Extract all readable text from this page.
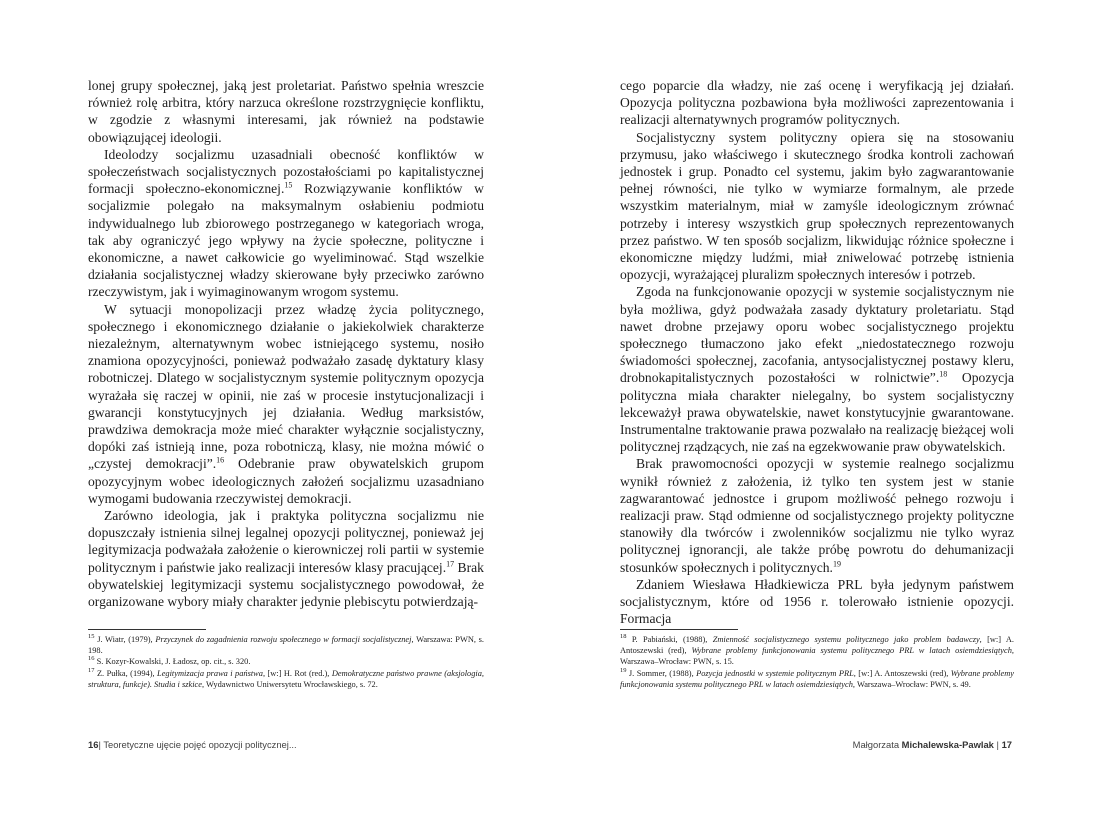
lonej grupy społecznej, jaką jest proletariat. Państwo spełnia wreszcie również rolę arbitra, który narzuca określone rozstrzygnięcie konfliktu, w zgodzie z własnymi interesami, jak również na podstawie obowiązującej ideologii.

Ideolodzy socjalizmu uzasadniali obecność konfliktów w społeczeństwach socjalistycznych pozostałościami po kapitalistycznej formacji społeczno-ekonomicznej.$^{15}$ Rozwiązywanie konfliktów w socjalizmie polegało na maksymalnym osłabieniu podmiotu indywidualnego lub zbiorowego postrzeganego w kategoriach wroga, tak aby ograniczyć jego wpływy na życie społeczne, polityczne i ekonomiczne, a nawet całkowicie go wyeliminować. Stąd wszelkie działania socjalistycznej władzy skierowane były przeciwko zarówno rzeczywistym, jak i wyimaginowanym wrogom systemu.

W sytuacji monopolizacji przez władzę życia politycznego, społecznego i ekonomicznego działanie o jakiekolwiek charakterze niezależnym, alternatywnym wobec istniejącego systemu, nosiło znamiona opozycyjności, ponieważ podważało zasadę dyktatury klasy robotniczej. Dlatego w socjalistycznym systemie politycznym opozycja wyrażała się raczej w opinii, nie zaś w procesie instytucjonalizacji i gwarancji konstytucyjnych jej działania. Według marksistów, prawdziwa demokracja może mieć charakter wyłącznie socjalistyczny, dopóki zaś istnieją inne, poza robotniczą, klasy, nie można mówić o „czystej demokracji”.$^{16}$ Odebranie praw obywatelskich grupom opozycyjnym wobec ideologicznych założeń socjalizmu uzasadniano wymogami budowania rzeczywistej demokracji.

Zarówno ideologia, jak i praktyka polityczna socjalizmu nie dopuszczały istnienia silnej legalnej opozycji politycznej, ponieważ jej legitymizacja podważała założenie o kierowniczej roli partii w systemie politycznym i państwie jako realizacji interesów klasy pracującej.$^{17}$ Brak obywatelskiej legitymizacji systemu socjalistycznego powodował, że organizowane wybory miały charakter jedynie plebiscytu potwierdzają-

$^{15}$ J. Wiatr, (1979), Przyczynek do zagadnienia rozwoju społecznego w formacji socjalistycznej, Warszawa: PWN, s. 198.

$^{16}$ S. Kozyr-Kowalski, J. Ładosz, op. cit., s. 320.

$^{17}$ Z. Pułka, (1994), Legitymizacja prawa i państwa, [w:] H. Rot (red.), Demokratyczne państwo prawne (aksjologia, struktura, funkcje). Studia i szkice, Wydawnictwo Uniwersytetu Wrocławskiego, s. 72.

16| Teoretyczne ujęcie pojęć opozycji politycznej...

cego poparcie dla władzy, nie zaś ocenę i weryfikacją jej działań. Opozycja polityczna pozbawiona była możliwości zaprezentowania i realizacji alternatywnych programów politycznych.

Socjalistyczny system polityczny opiera się na stosowaniu przymusu, jako właściwego i skutecznego środka kontroli zachowań jednostek i grup. Ponadto cel systemu, jakim było zagwarantowanie pełnej równości, nie tylko w wymiarze formalnym, ale przede wszystkim materialnym, miał w zamyśle ideologicznym zrównać potrzeby i interesy wszystkich grup społecznych reprezentowanych przez państwo. W ten sposób socjalizm, likwidując różnice społeczne i ekonomiczne między ludźmi, miał zniwelować potrzebę istnienia opozycji, wyrażającej pluralizm społecznych interesów i potrzeb.

Zgoda na funkcjonowanie opozycji w systemie socjalistycznym nie była możliwa, gdyż podważała zasady dyktatury proletariatu. Stąd nawet drobne przejawy oporu wobec socjalistycznego projektu społecznego tłumaczono jako efekt „niedostatecznego rozwoju świadomości społecznej, zacofania, antysocjalistycznej postawy kleru, drobnokapitalistycznych pozostałości w rolnictwie”.$^{18}$ Opozycja polityczna miała charakter nielegalny, bo system socjalistyczny lekceważył prawa obywatelskie, nawet konstytucyjnie gwarantowane. Instrumentalne traktowanie prawa pozwalało na realizację bieżącej woli politycznej rządzących, nie zaś na egzekwowanie praw obywatelskich.

Brak prawomocności opozycji w systemie realnego socjalizmu wynikł również z założenia, iż tylko ten system jest w stanie zagwarantować jednostce i grupom możliwość pełnego rozwoju i realizacji praw. Stąd odmienne od socjalistycznego projekty polityczne stanowiły dla twórców i zwolenników socjalizmu nie tylko wyraz politycznej ignorancji, ale także próbę powrotu do dehumanizacji stosunków społecznych i politycznych.$^{19}$

Zdaniem Wiesława Hładkiewicza PRL była jedynym państwem socjalistycznym, które od 1956 r. tolerowało istnienie opozycji. Formacja

$^{18}$ P. Pabiański, (1988), Zmienność socjalistycznego systemu politycznego jako problem badawczy, [w:] A. Antoszewski (red), Wybrane problemy funkcjonowania systemu politycznego PRL w latach osiemdziesiątych, Warszawa–Wrocław: PWN, s. 15.

$^{19}$ J. Sommer, (1988), Pozycja jednostki w systemie politycznym PRL, [w:] A. Antoszewski (red), Wybrane problemy funkcjonowania systemu politycznego PRL w latach osiemdziesiątych, Warszawa–Wrocław: PWN, s. 49.

Małgorzata Michalewska-Pawlak | 17
